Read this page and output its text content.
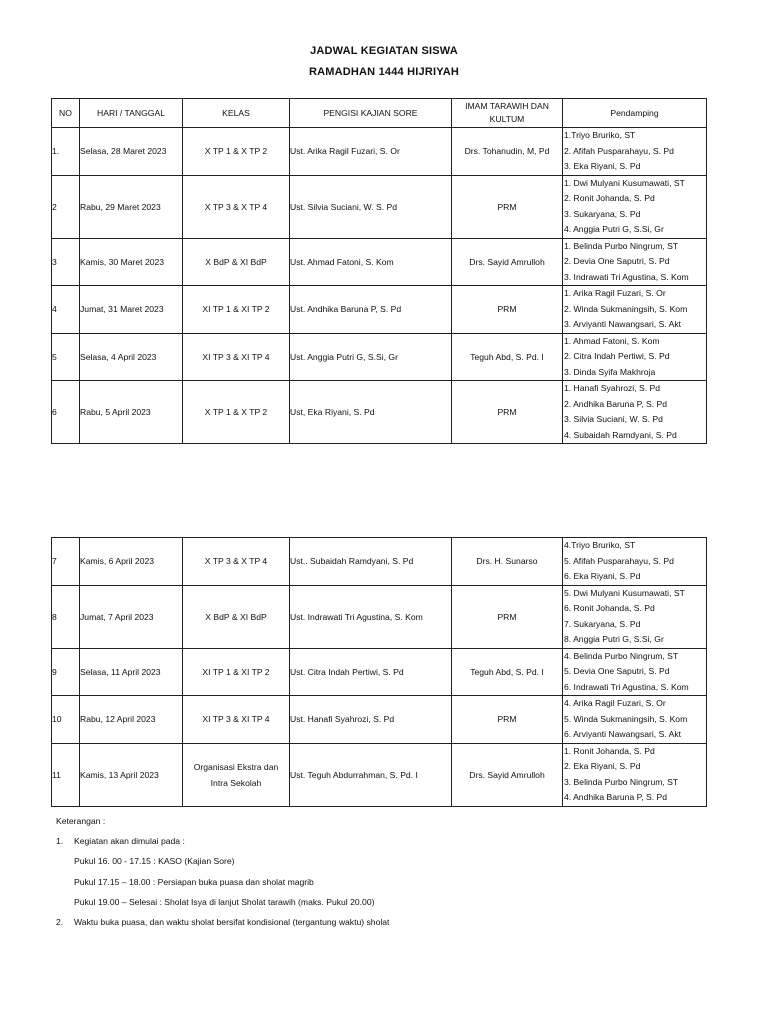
JADWAL KEGIATAN SISWA
RAMADHAN 1444 HIJRIYAH
NO	HARI / TANGGAL	KELAS	PENGISI KAJIAN SORE	IMAM TARAWIH DAN KULTUM	Pendamping
1.	Selasa, 28 Maret 2023	X TP 1 & X TP 2	Ust. Arika Ragil Fuzari, S. Or	Drs. Tohanudin, M, Pd	1.Triyo Bruriko, ST
2. Afifah Pusparahayu, S. Pd
3. Eka Riyani, S. Pd

2	Rabu, 29 Maret 2023	X TP 3 & X TP 4	Ust. Silvia Suciani, W. S. Pd	PRM	1. Dwi Mulyani Kusumawati, ST
2. Ronit Johanda, S. Pd
3. Sukaryana, S. Pd
4. Anggia Putri G, S.Si, Gr

3	Kamis, 30 Maret 2023	X BdP & XI BdP	Ust. Ahmad Fatoni, S. Kom	Drs. Sayid Amrulloh	1. Belinda Purbo Ningrum, ST
2. Devia One Saputri, S. Pd
3. Indrawati Tri Agustina, S. Kom

4	Jumat, 31 Maret 2023	XI TP 1 & XI TP 2	Ust. Andhika Baruna P, S. Pd	PRM	1. Arika Ragil Fuzari, S. Or
2. Winda Sukmaningsih, S. Kom
3. Arviyanti Nawangsari, S. Akt

5	Selasa, 4 April 2023	XI TP 3 & XI TP 4	Ust. Anggia Putri G, S.Si, Gr	Teguh Abd, S. Pd. I	1. Ahmad Fatoni, S. Kom
2. Citra Indah Pertiwi, S. Pd
3. Dinda Syifa Makhroja

6	Rabu, 5 April 2023	X TP 1 & X TP 2	Ust, Eka Riyani, S. Pd	PRM	1. Hanafi Syahrozi, S. Pd
2. Andhika Baruna P, S. Pd
3. Silvia Suciani, W. S. Pd
4. Subaidah Ramdyani, S. Pd
7	Kamis, 6 April 2023	X TP 3 & X TP 4	Ust.. Subaidah Ramdyani, S. Pd	Drs. H. Sunarso	4.Triyo Bruriko, ST
5. Afifah Pusparahayu, S. Pd
6. Eka Riyani, S. Pd

8	Jumat, 7 April 2023	X BdP & XI BdP	Ust. Indrawati Tri Agustina, S. Kom	PRM	5. Dwi Mulyani Kusumawati, ST
6. Ronit Johanda, S. Pd
7. Sukaryana, S. Pd
8. Anggia Putri G, S.Si, Gr

9	Selasa, 11 April 2023	XI TP 1 & XI TP 2	Ust. Citra Indah Pertiwi, S. Pd	Teguh Abd, S. Pd. I	4. Belinda Purbo Ningrum, ST
5. Devia One Saputri, S. Pd
6. Indrawati Tri Agustina, S. Kom

10	Rabu, 12 April 2023	XI TP 3 & XI TP 4	Ust. Hanafi Syahrozi, S. Pd	PRM	4. Arika Ragil Fuzari, S. Or
5. Winda Sukmaningsih, S. Kom
6. Arviyanti Nawangsari, S. Akt

11	Kamis, 13 April 2023	Organisasi Ekstra dan Intra Sekolah	Ust. Teguh Abdurrahman, S. Pd. I	Drs. Sayid Amrulloh	1. Ronit Johanda, S. Pd
2. Eka Riyani, S. Pd
3. Belinda Purbo Ningrum, ST
4. Andhika Baruna P, S. Pd
Keterangan :
1. Kegiatan akan dimulai pada :
Pukul 16. 00 - 17.15 : KASO (Kajian Sore)
Pukul 17.15 – 18.00 : Persiapan buka puasa dan sholat magrib
Pukul 19.00 – Selesai : Sholat Isya di lanjut Sholat tarawih (maks. Pukul 20.00)
2. Waktu buka puasa, dan waktu sholat bersifat kondisional (tergantung waktu) sholat
